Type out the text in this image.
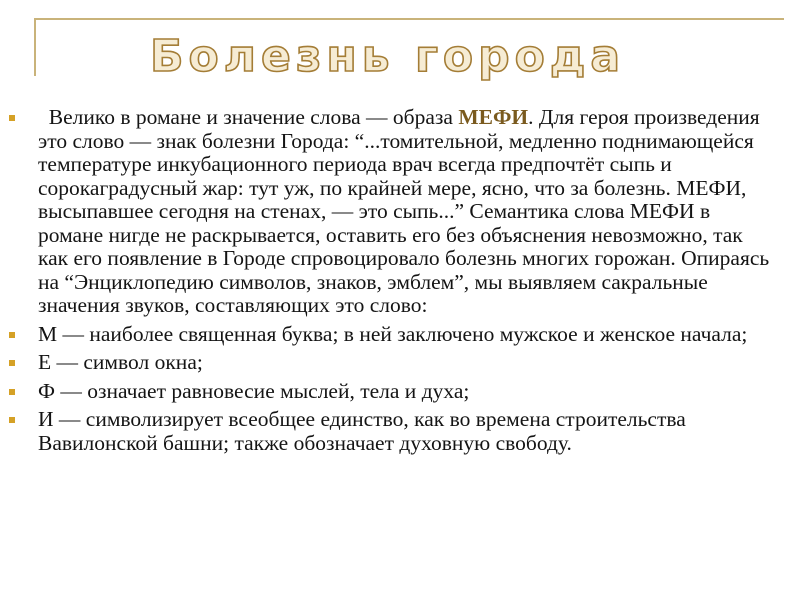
Болезнь города
Велико в романе и значение слова — образа МЕФИ. Для героя произведения это слово — знак болезни Города: “...томительной, медленно поднимающейся температуре инкубационного периода врач всегда предпочтёт сыпь и сорокаградусный жар: тут уж, по крайней мере, ясно, что за болезнь. МЕФИ, высыпавшее сегодня на стенах, — это сыпь...” Семантика слова МЕФИ в романе нигде не раскрывается, оставить его без объяснения невозможно, так как его появление в Городе спровоцировало болезнь многих горожан. Опираясь на “Энциклопедию символов, знаков, эмблем”, мы выявляем сакральные значения звуков, составляющих это слово:
М — наиболее священная буква; в ней заключено мужское и женское начала;
Е — символ окна;
Ф — означает равновесие мыслей, тела и духа;
И — символизирует всеобщее единство, как во времена строительства Вавилонской башни; также обозначает духовную свободу.
